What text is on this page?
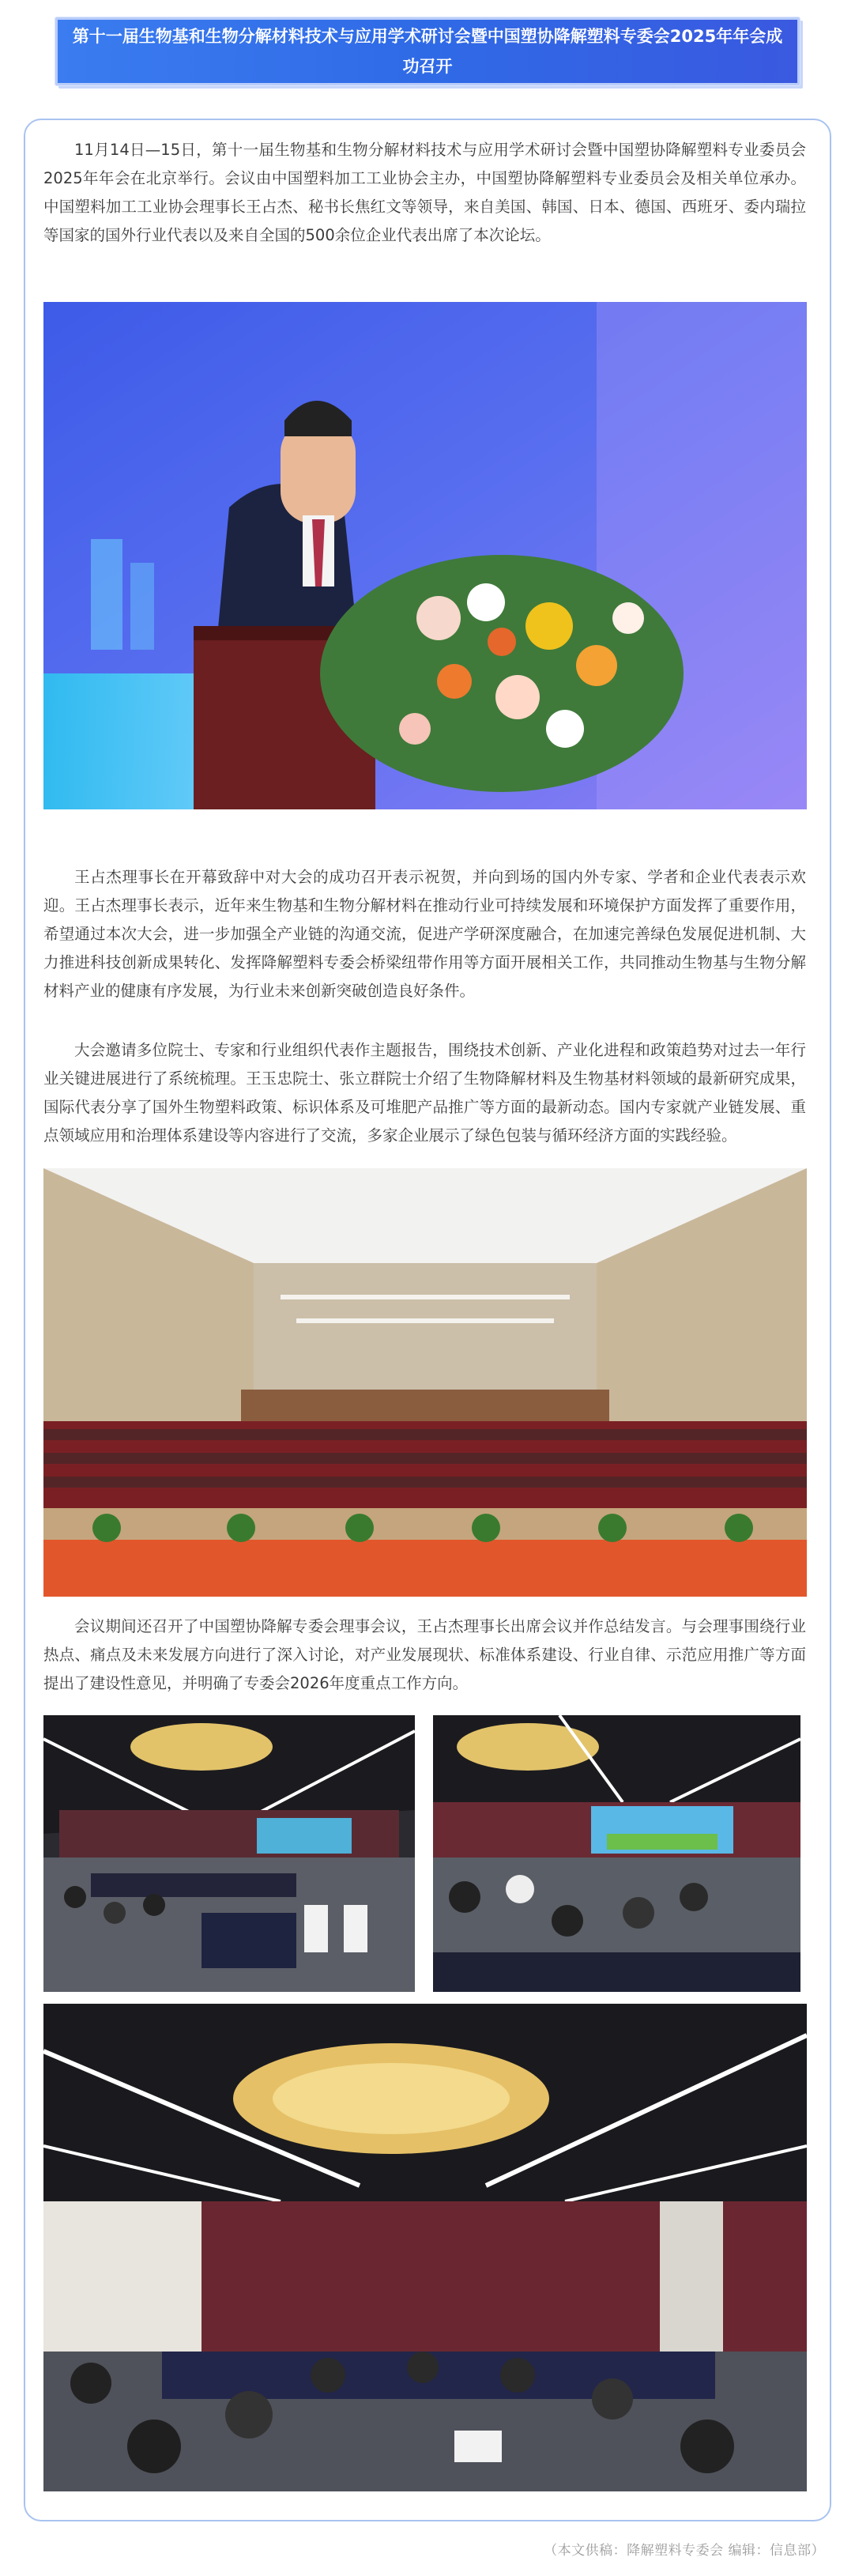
第十一届生物基和生物分解材料技术与应用学术研讨会暨中国塑协降解塑料专委会2025年年会成功召开

11月14日—15日，第十一届生物基和生物分解材料技术与应用学术研讨会暨中国塑协降解塑料专业委员会2025年年会在北京举行。会议由中国塑料加工工业协会主办，中国塑协降解塑料专业委员会及相关单位承办。中国塑料加工工业协会理事长王占杰、秘书长焦红文等领导，来自美国、韩国、日本、德国、西班牙、委内瑞拉等国家的国外行业代表以及来自全国的500余位企业代表出席了本次论坛。

王占杰理事长在开幕致辞中对大会的成功召开表示祝贺，并向到场的国内外专家、学者和企业代表表示欢迎。王占杰理事长表示，近年来生物基和生物分解材料在推动行业可持续发展和环境保护方面发挥了重要作用，希望通过本次大会，进一步加强全产业链的沟通交流，促进产学研深度融合，在加速完善绿色发展促进机制、大力推进科技创新成果转化、发挥降解塑料专委会桥梁纽带作用等方面开展相关工作，共同推动生物基与生物分解材料产业的健康有序发展，为行业未来创新突破创造良好条件。

大会邀请多位院士、专家和行业组织代表作主题报告，围绕技术创新、产业化进程和政策趋势对过去一年行业关键进展进行了系统梳理。王玉忠院士、张立群院士介绍了生物降解材料及生物基材料领域的最新研究成果，国际代表分享了国外生物塑料政策、标识体系及可堆肥产品推广等方面的最新动态。国内专家就产业链发展、重点领域应用和治理体系建设等内容进行了交流，多家企业展示了绿色包装与循环经济方面的实践经验。

会议期间还召开了中国塑协降解专委会理事会议，王占杰理事长出席会议并作总结发言。与会理事围绕行业热点、痛点及未来发展方向进行了深入讨论，对产业发展现状、标准体系建设、行业自律、示范应用推广等方面提出了建设性意见，并明确了专委会2026年度重点工作方向。

（本文供稿：降解塑料专委会 编辑：信息部）
